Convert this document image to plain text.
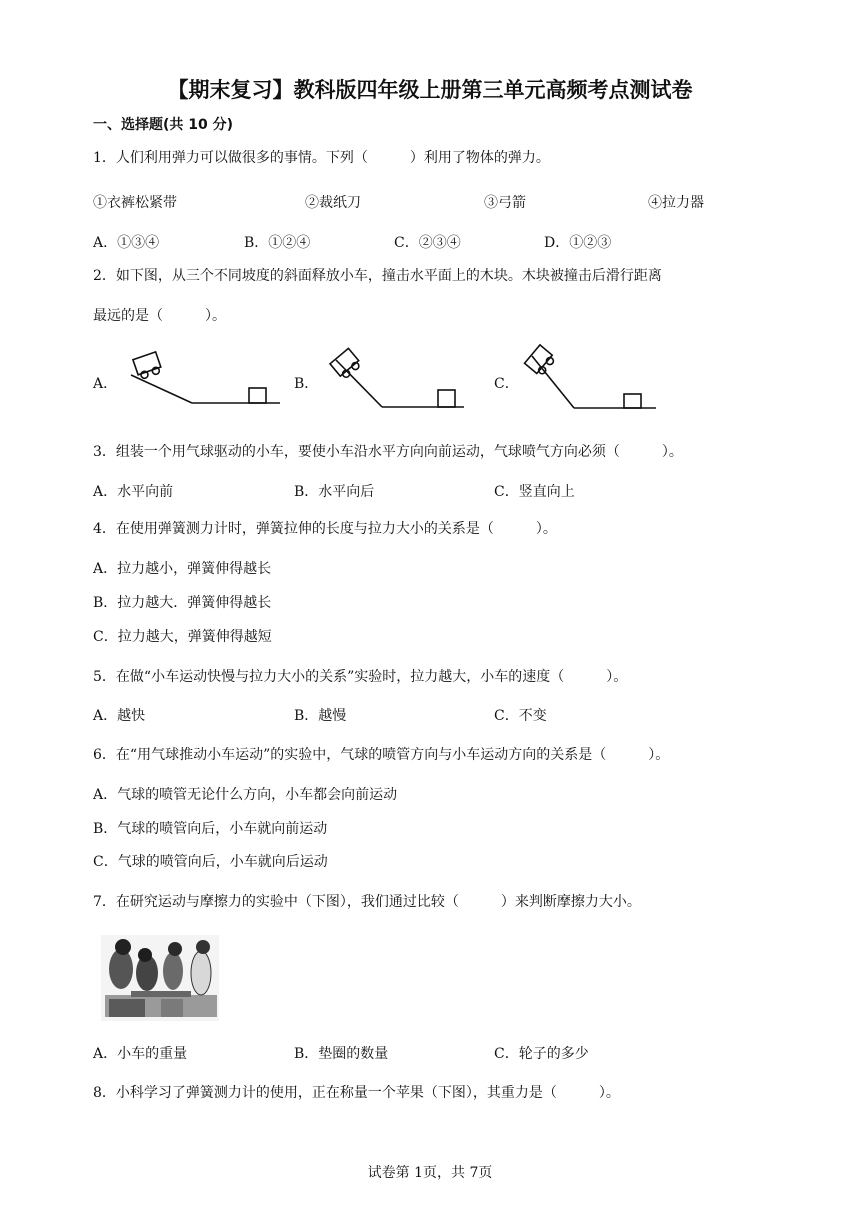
【期末复习】教科版四年级上册第三单元高频考点测试卷
一、选择题(共 10 分)
1．人们利用弹力可以做很多的事情。下列（	）利用了物体的弹力。
①衣裤松紧带	②裁纸刀	③弓箭	④拉力器
A．①③④	B．①②④	C．②③④	D．①②③
2．如下图，从三个不同坡度的斜面释放小车，撞击水平面上的木块。木块被撞击后滑行距离
最远的是（	）。
A．	B．	C．
3．组装一个用气球驱动的小车，要使小车沿水平方向向前运动，气球喷气方向必须（	）。
A．水平向前	B．水平向后	C．竖直向上
4．在使用弹簧测力计时，弹簧拉伸的长度与拉力大小的关系是（	）。
A．拉力越小，弹簧伸得越长
B．拉力越大．弹簧伸得越长
C．拉力越大，弹簧伸得越短
5．在做“小车运动快慢与拉力大小的关系”实验时，拉力越大，小车的速度（	）。
A．越快	B．越慢	C．不变
6．在“用气球推动小车运动”的实验中，气球的喷管方向与小车运动方向的关系是（	）。
A．气球的喷管无论什么方向，小车都会向前运动
B．气球的喷管向后，小车就向前运动
C．气球的喷管向后，小车就向后运动
7．在研究运动与摩擦力的实验中（下图），我们通过比较（	）来判断摩擦力大小。
A．小车的重量	B．垫圈的数量	C．轮子的多少
8．小科学习了弹簧测力计的使用，正在称量一个苹果（下图），其重力是（	）。
试卷第 1页，共 7页
